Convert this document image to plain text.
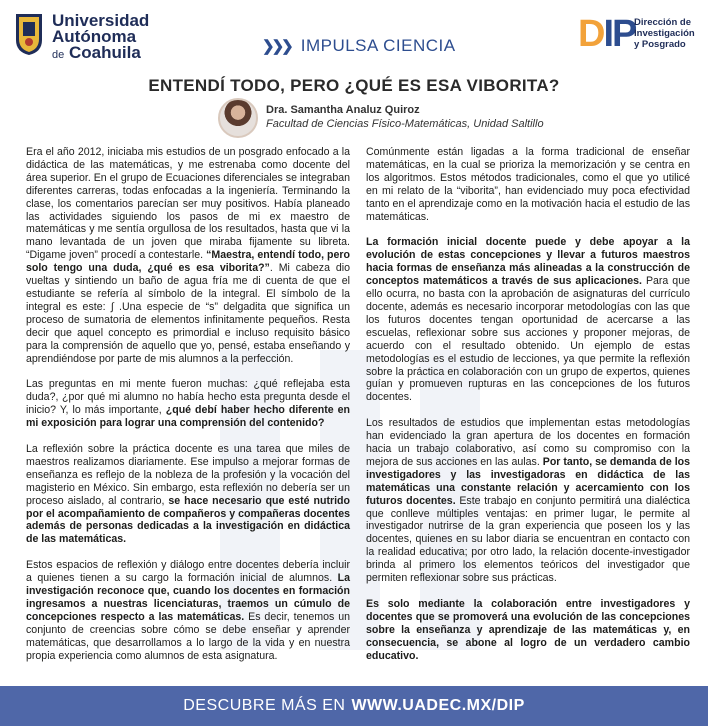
Universidad
Autónoma
de Coahuila	❯❯❯ IMPULSA CIENCIA	DIP
Dirección de
Investigación
y Posgrado
ENTENDÍ TODO, PERO ¿QUÉ ES ESA VIBORITA?
Dra. Samantha Analuz Quiroz
Facultad de Ciencias Físico-Matemáticas, Unidad Saltillo

Era el año 2012, iniciaba mis estudios de un posgrado enfocado a la didáctica de las matemáticas, y me estrenaba como docente del área superior. En el grupo de Ecuaciones diferenciales se integraban diferentes carreras, todas enfocadas a la ingeniería. Terminando la clase, los comentarios parecían ser muy positivos. Había planeado las actividades siguiendo los pasos de mi ex maestro de matemáticas y me sentía orgullosa de los resultados, hasta que vi la mano levantada de un joven que miraba fijamente su libreta. “Digame joven” procedí a contestarle. “Maestra, entendí todo, pero solo tengo una duda, ¿qué es esa viborita?”. Mi cabeza dio vueltas y sintiendo un baño de agua fría me di cuenta de que el estudiante se refería al símbolo de la integral. El símbolo de la integral es este: ∫ .Una especie de “s” delgadita que significa un proceso de sumatoria de elementos infinitamente pequeños. Resta decir que aquel concepto es primordial e incluso requisito básico para la comprensión de aquello que yo, pensé, estaba enseñando y aprendiéndose por parte de mis alumnos a la perfección.

Las preguntas en mi mente fueron muchas: ¿qué reflejaba esta duda?, ¿por qué mi alumno no había hecho esta pregunta desde el inicio? Y, lo más importante, ¿qué debí haber hecho diferente en mi exposición para lograr una comprensión del contenido?

La reflexión sobre la práctica docente es una tarea que miles de maestros realizamos diariamente. Ese impulso a mejorar formas de enseñanza es reflejo de la nobleza de la profesión y la vocación del magisterio en México. Sin embargo, esta reflexión no debería ser un proceso aislado, al contrario, se hace necesario que esté nutrido por el acompañamiento de compañeros y compañeras docentes además de personas dedicadas a la investigación en didáctica de las matemáticas.

Estos espacios de reflexión y diálogo entre docentes debería incluir a quienes tienen a su cargo la formación inicial de alumnos. La investigación reconoce que, cuando los docentes en formación ingresamos a nuestras licenciaturas, traemos un cúmulo de concepciones respecto a las matemáticas. Es decir, tenemos un conjunto de creencias sobre cómo se debe enseñar y aprender matemáticas, que desarrollamos a lo largo de la vida y en nuestra propia experiencia como alumnos de esta asignatura.

Comúnmente están ligadas a la forma tradicional de enseñar matemáticas, en la cual se prioriza la memorización y se centra en los algoritmos. Estos métodos tradicionales, como el que yo utilicé en mi relato de la “viborita”, han evidenciado muy poca efectividad tanto en el aprendizaje como en la motivación hacia el estudio de las matemáticas.

La formación inicial docente puede y debe apoyar a la evolución de estas concepciones y llevar a futuros maestros hacia formas de enseñanza más alineadas a la construcción de conceptos matemáticos a través de sus aplicaciones. Para que ello ocurra, no basta con la aprobación de asignaturas del currículo docente, además es necesario incorporar metodologías con las que los futuros docentes tengan oportunidad de acercarse a las escuelas, reflexionar sobre sus acciones y proponer mejoras, de acuerdo con el resultado obtenido. Un ejemplo de estas metodologías es el estudio de lecciones, ya que permite la reflexión sobre la práctica en colaboración con un grupo de expertos, quienes guían y promueven rupturas en las concepciones de los futuros docentes.

Los resultados de estudios que implementan estas metodologías han evidenciado la gran apertura de los docentes en formación hacia un trabajo colaborativo, así como su compromiso con la mejora de sus acciones en las aulas. Por tanto, se demanda de los investigadores y las investigadoras en didáctica de las matemáticas una constante relación y acercamiento con los futuros docentes. Este trabajo en conjunto permitirá una dialéctica que conlleve múltiples ventajas: en primer lugar, le permite al investigador nutrirse de la gran experiencia que poseen los y las docentes, quienes en su labor diaria se encuentran en contacto con la realidad educativa; por otro lado, la relación docente-investigador brinda al primero los elementos teóricos del investigador que permiten reflexionar sobre sus prácticas.

Es solo mediante la colaboración entre investigadores y docentes que se promoverá una evolución de las concepciones sobre la enseñanza y aprendizaje de las matemáticas y, en consecuencia, se abone al logro de un verdadero cambio educativo.

DESCUBRE MÁS EN WWW.UADEC.MX/DIP
